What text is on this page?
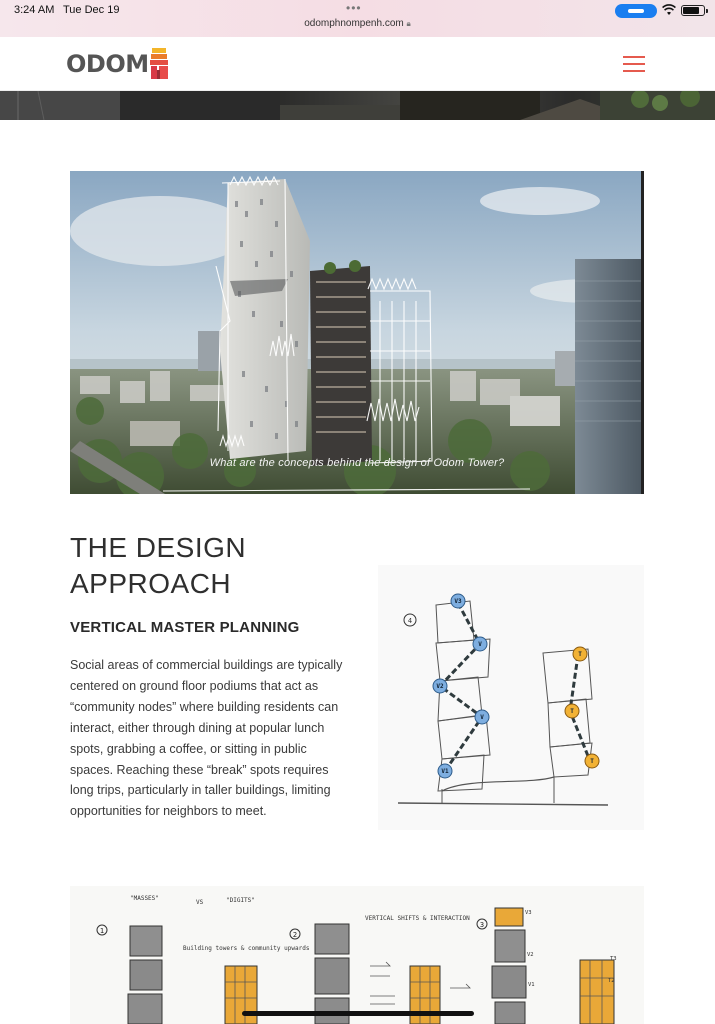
3:24 AM Tue Dec 19	•••
odomphnompenh.com 🔒︎
ODOM
What are the concepts behind the design of Odom Tower?
THE DESIGN APPROACH
VERTICAL MASTER PLANNING

Social areas of commercial buildings are typically centered on ground floor podiums that act as “community nodes” where building residents can interact, either through dining at popular lunch spots, grabbing a coffee, or sitting in public spaces. Reaching these “break” spots requires long trips, particularly in taller buildings, limiting opportunities for neighbors to meet.

4
V3
V
V2
V
V1
T
T
T
"MASSES"
VS	"DIGITS"
Building towers & community upwards
VERTICAL SHIFTS & INTERACTION
1	2
3
V3
T3
V2
T2
V1
